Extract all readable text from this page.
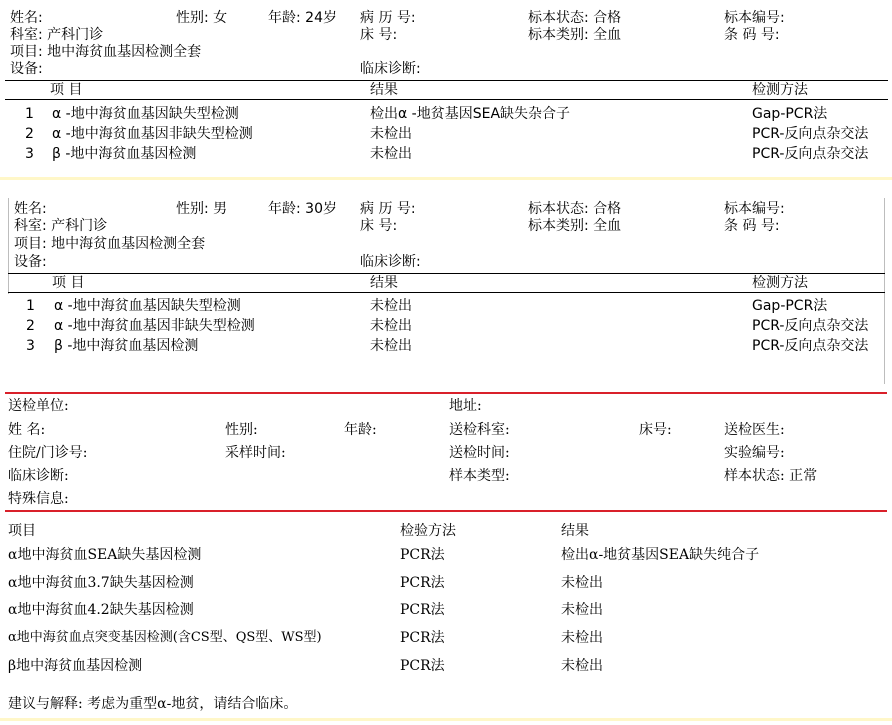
姓名:	性别: 女	年龄: 24岁 病 历 号:	标本状态: 合格	标本编号:
科室: 产科门诊	床 号:	标本类别: 全血	条 码 号:
项目: 地中海贫血基因检测全套
设备:	临床诊断:
项 目	结果	检测方法
1 α -地中海贫血基因缺失型检测	检出α -地贫基因SEA缺失杂合子	Gap-PCR法
2 α -地中海贫血基因非缺失型检测	未检出	PCR-反向点杂交法
3 β -地中海贫血基因检测	未检出	PCR-反向点杂交法
姓名:	性别: 男	年龄: 30岁 病 历 号:	标本状态: 合格	标本编号:
科室: 产科门诊	床 号:	标本类别: 全血	条 码 号:
项目: 地中海贫血基因检测全套
设备:	临床诊断:
项 目	结果	检测方法
1 α -地中海贫血基因缺失型检测	未检出	Gap-PCR法
2 α -地中海贫血基因非缺失型检测	未检出	PCR-反向点杂交法
3 β -地中海贫血基因检测	未检出	PCR-反向点杂交法
送检单位:	地址:
姓 名:	性别:	年龄:	送检科室:	床号:	送检医生:
住院/门诊号:	采样时间:	送检时间:	实验编号:
临床诊断:	样本类型:	样本状态: 正常
特殊信息:
项目	检验方法	结果
α地中海贫血SEA缺失基因检测	PCR法	检出α-地贫基因SEA缺失纯合子
α地中海贫血3.7缺失基因检测	PCR法	未检出
α地中海贫血4.2缺失基因检测	PCR法	未检出
α地中海贫血点突变基因检测(含CS型、QS型、WS型)	PCR法	未检出
β地中海贫血基因检测	PCR法	未检出
建议与解释: 考虑为重型α-地贫，请结合临床。
